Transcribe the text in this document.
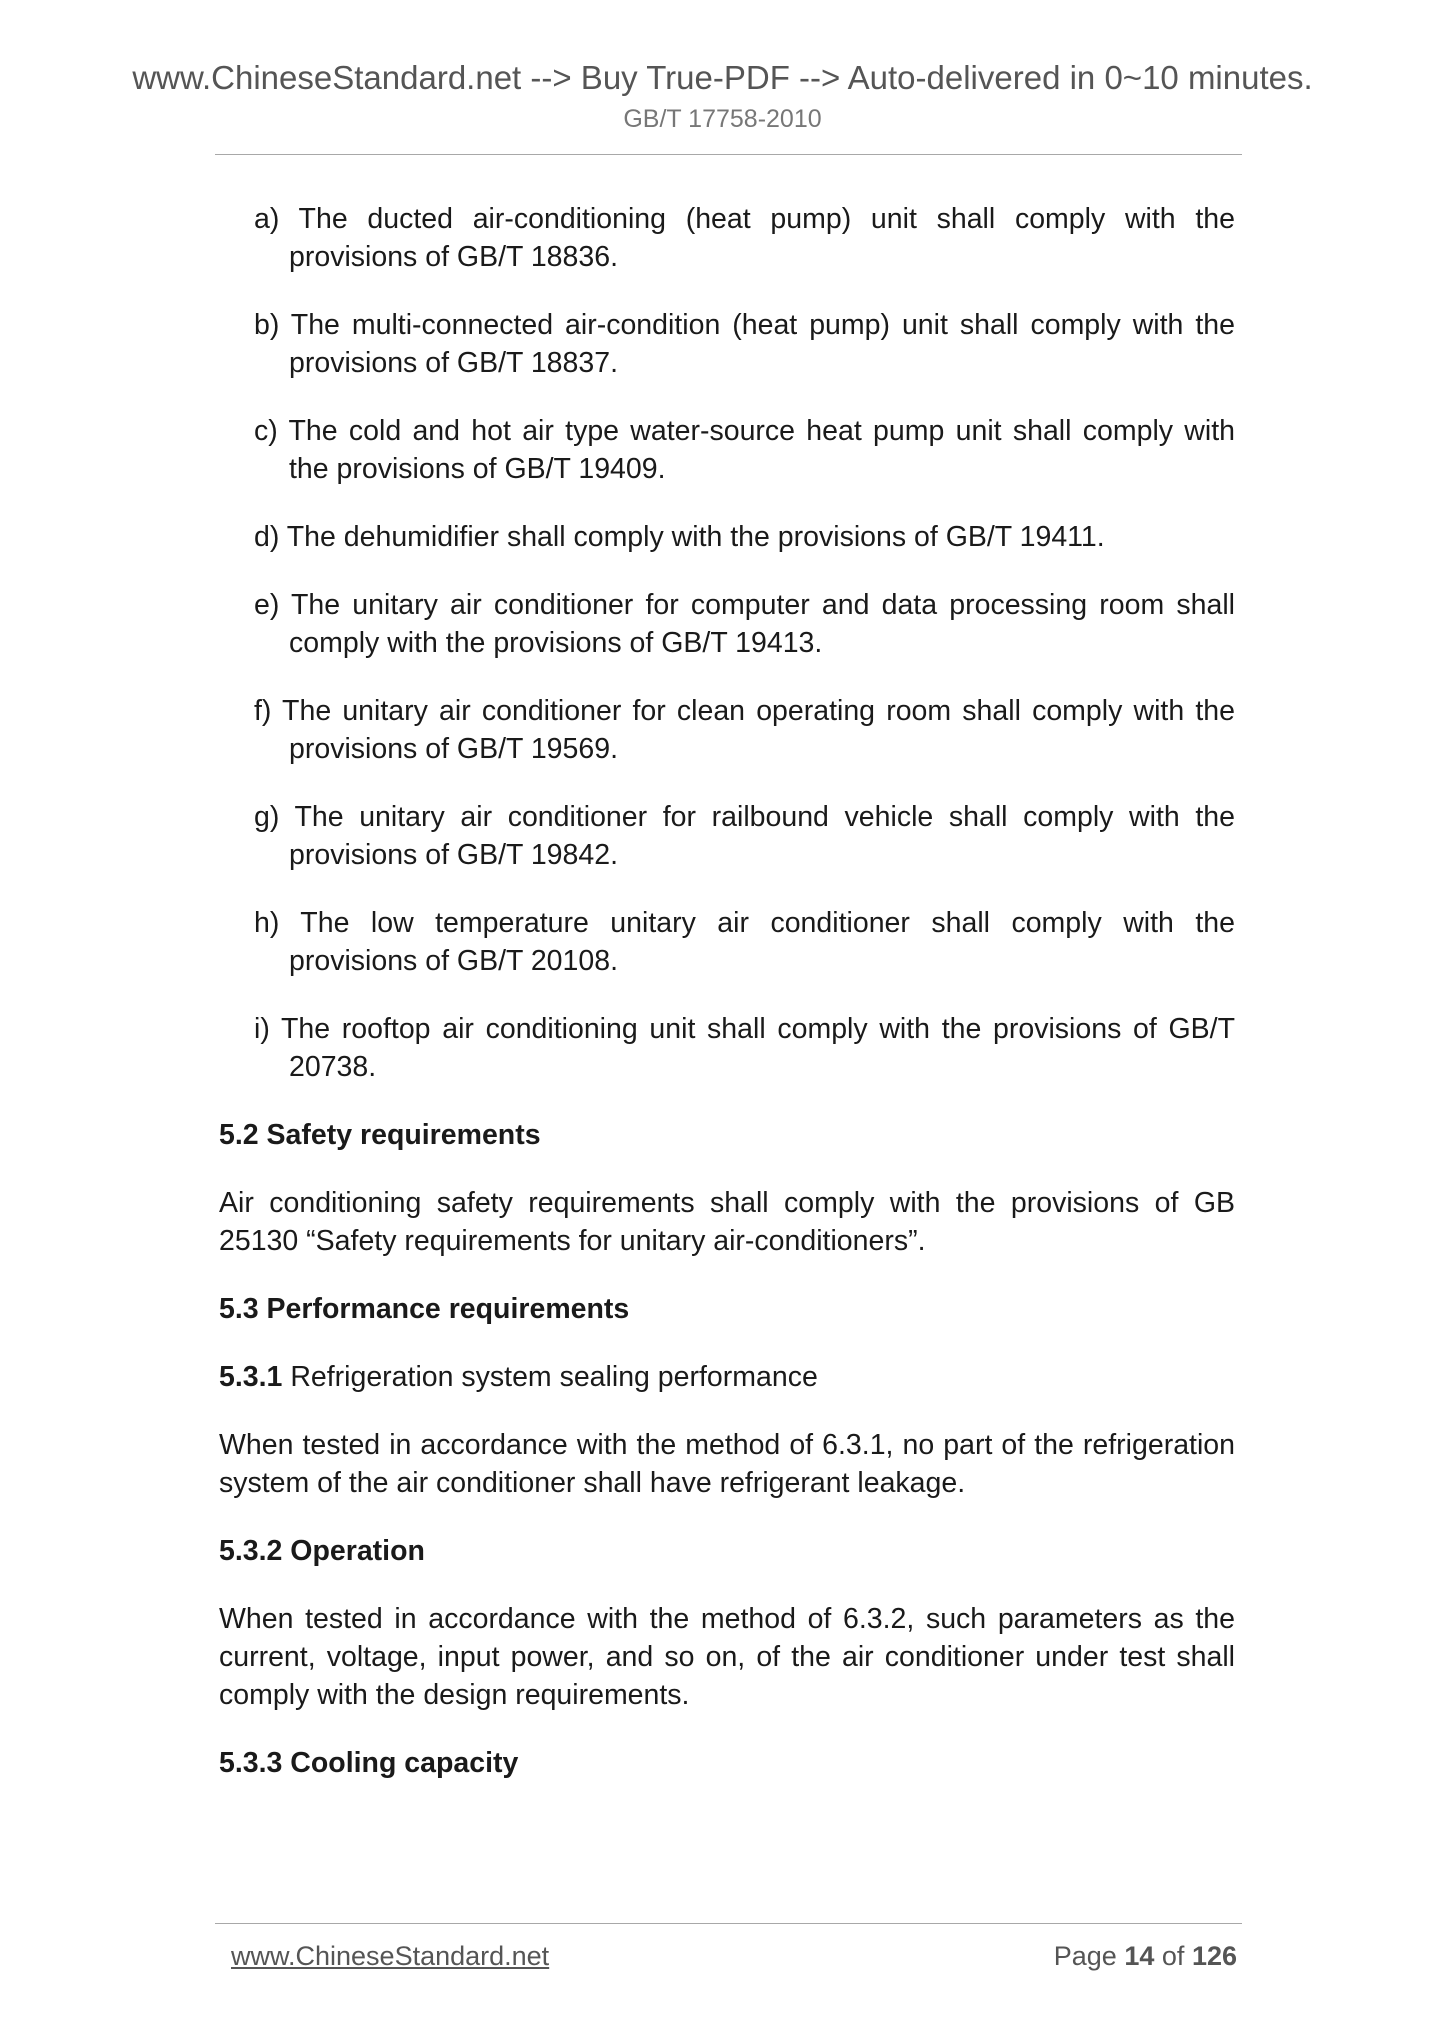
www.ChineseStandard.net --> Buy True-PDF --> Auto-delivered in 0~10 minutes.
GB/T 17758-2010
a) The ducted air-conditioning (heat pump) unit shall comply with the provisions of GB/T 18836.
b) The multi-connected air-condition (heat pump) unit shall comply with the provisions of GB/T 18837.
c) The cold and hot air type water-source heat pump unit shall comply with the provisions of GB/T 19409.
d) The dehumidifier shall comply with the provisions of GB/T 19411.
e) The unitary air conditioner for computer and data processing room shall comply with the provisions of GB/T 19413.
f) The unitary air conditioner for clean operating room shall comply with the provisions of GB/T 19569.
g) The unitary air conditioner for railbound vehicle shall comply with the provisions of GB/T 19842.
h) The low temperature unitary air conditioner shall comply with the provisions of GB/T 20108.
i) The rooftop air conditioning unit shall comply with the provisions of GB/T 20738.
5.2 Safety requirements
Air conditioning safety requirements shall comply with the provisions of GB 25130 “Safety requirements for unitary air-conditioners”.
5.3 Performance requirements
5.3.1 Refrigeration system sealing performance
When tested in accordance with the method of 6.3.1, no part of the refrigeration system of the air conditioner shall have refrigerant leakage.
5.3.2 Operation
When tested in accordance with the method of 6.3.2, such parameters as the current, voltage, input power, and so on, of the air conditioner under test shall comply with the design requirements.
5.3.3 Cooling capacity
www.ChineseStandard.net	Page 14 of 126
